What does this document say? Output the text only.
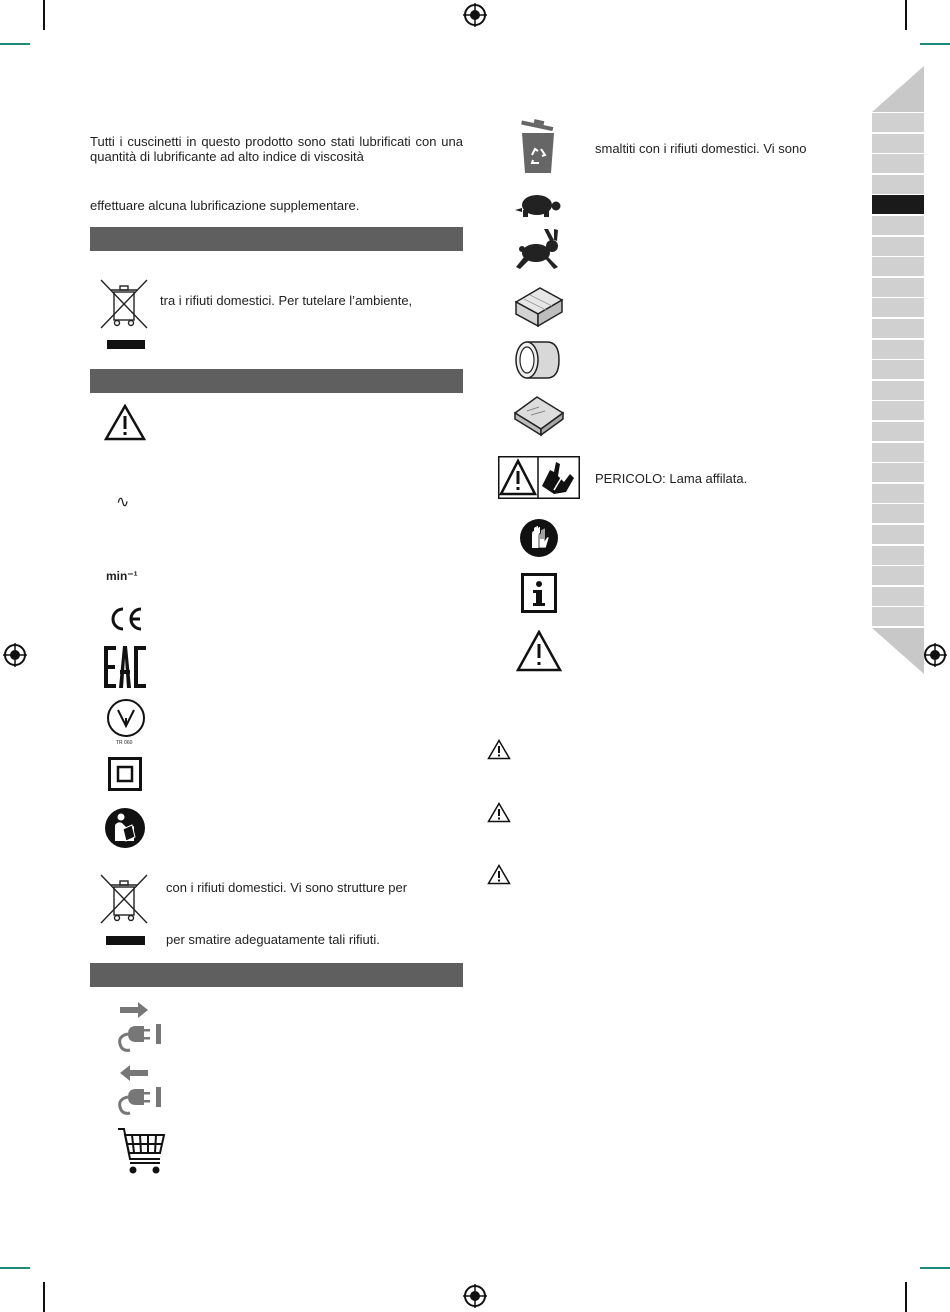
Tutti i cuscinetti in questo prodotto sono stati lubrificati con una quantità di lubrificante ad alto indice di viscosità
effettuare alcuna lubrificazione supplementare.
tra i rifiuti domestici. Per tutelare l’ambiente,
∿
min⁻¹
TR 060
con i rifiuti domestici. Vi sono strutture per
per smatire adeguatamente tali rifiuti.
smaltiti con i rifiuti domestici. Vi sono
PERICOLO: Lama affilata.
